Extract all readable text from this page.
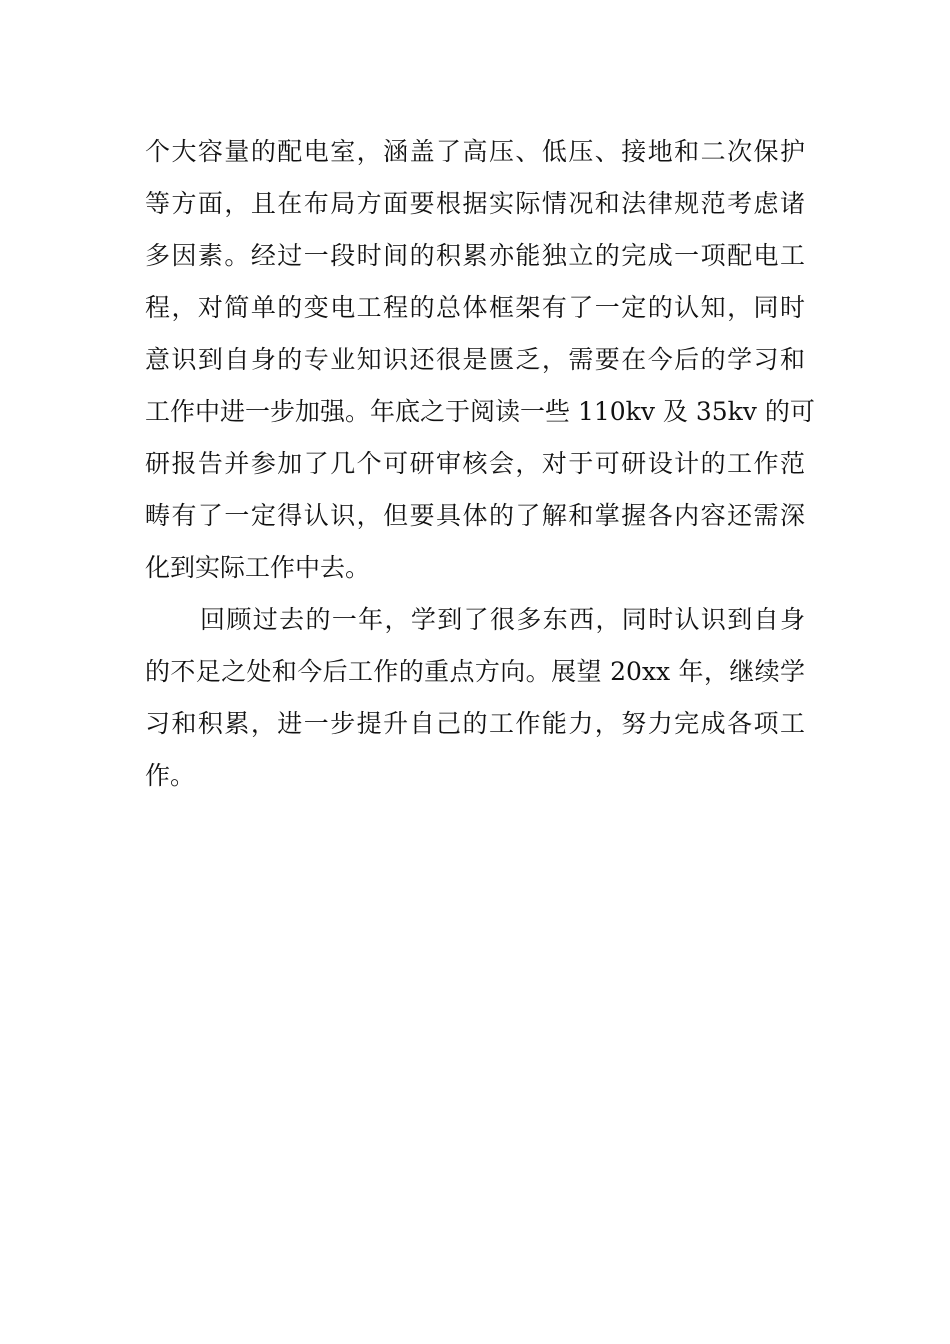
个大容量的配电室，涵盖了高压、低压、接地和二次保护
等方面，且在布局方面要根据实际情况和法律规范考虑诸
多因素。经过一段时间的积累亦能独立的完成一项配电工
程，对简单的变电工程的总体框架有了一定的认知，同时
意识到自身的专业知识还很是匮乏，需要在今后的学习和
工作中进一步加强。年底之于阅读一些 110kv 及 35kv 的可
研报告并参加了几个可研审核会，对于可研设计的工作范
畴有了一定得认识，但要具体的了解和掌握各内容还需深
化到实际工作中去。
回顾过去的一年，学到了很多东西，同时认识到自身
的不足之处和今后工作的重点方向。展望 20xx 年，继续学
习和积累，进一步提升自己的工作能力，努力完成各项工
作。
